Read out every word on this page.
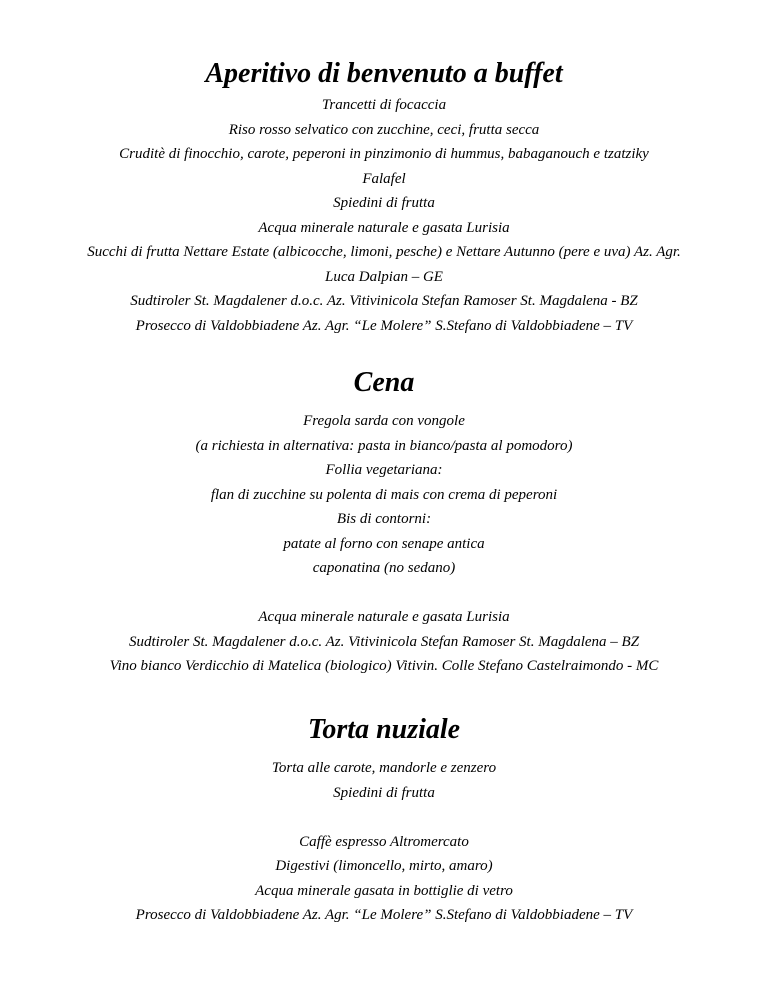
Aperitivo di benvenuto a buffet
Trancetti di focaccia
Riso rosso selvatico con zucchine, ceci, frutta secca
Cruditè di finocchio, carote, peperoni in pinzimonio di hummus, babaganouch e tzatziky
Falafel
Spiedini di frutta
Acqua minerale naturale e gasata Lurisia
Succhi di frutta Nettare Estate (albicocche, limoni, pesche) e Nettare Autunno (pere e uva) Az. Agr.
Luca Dalpian – GE
Sudtiroler St. Magdalener d.o.c. Az. Vitivinicola Stefan Ramoser St. Magdalena - BZ
Prosecco di Valdobbiadene Az. Agr. “Le Molere” S.Stefano di Valdobbiadene – TV
Cena
Fregola sarda con vongole
(a richiesta in alternativa: pasta in bianco/pasta al pomodoro)
Follia vegetariana:
flan di zucchine su polenta di mais con crema di peperoni
Bis di contorni:
patate al forno con senape antica
caponatina (no sedano)
Acqua minerale naturale e gasata Lurisia
Sudtiroler St. Magdalener d.o.c. Az. Vitivinicola Stefan Ramoser St. Magdalena – BZ
Vino bianco Verdicchio di Matelica (biologico) Vitivin. Colle Stefano Castelraimondo - MC
Torta nuziale
Torta alle carote, mandorle e zenzero
Spiedini di frutta
Caffè espresso Altromercato
Digestivi (limoncello, mirto, amaro)
Acqua minerale gasata in bottiglie di vetro
Prosecco di Valdobbiadene Az. Agr. “Le Molere” S.Stefano di Valdobbiadene – TV
